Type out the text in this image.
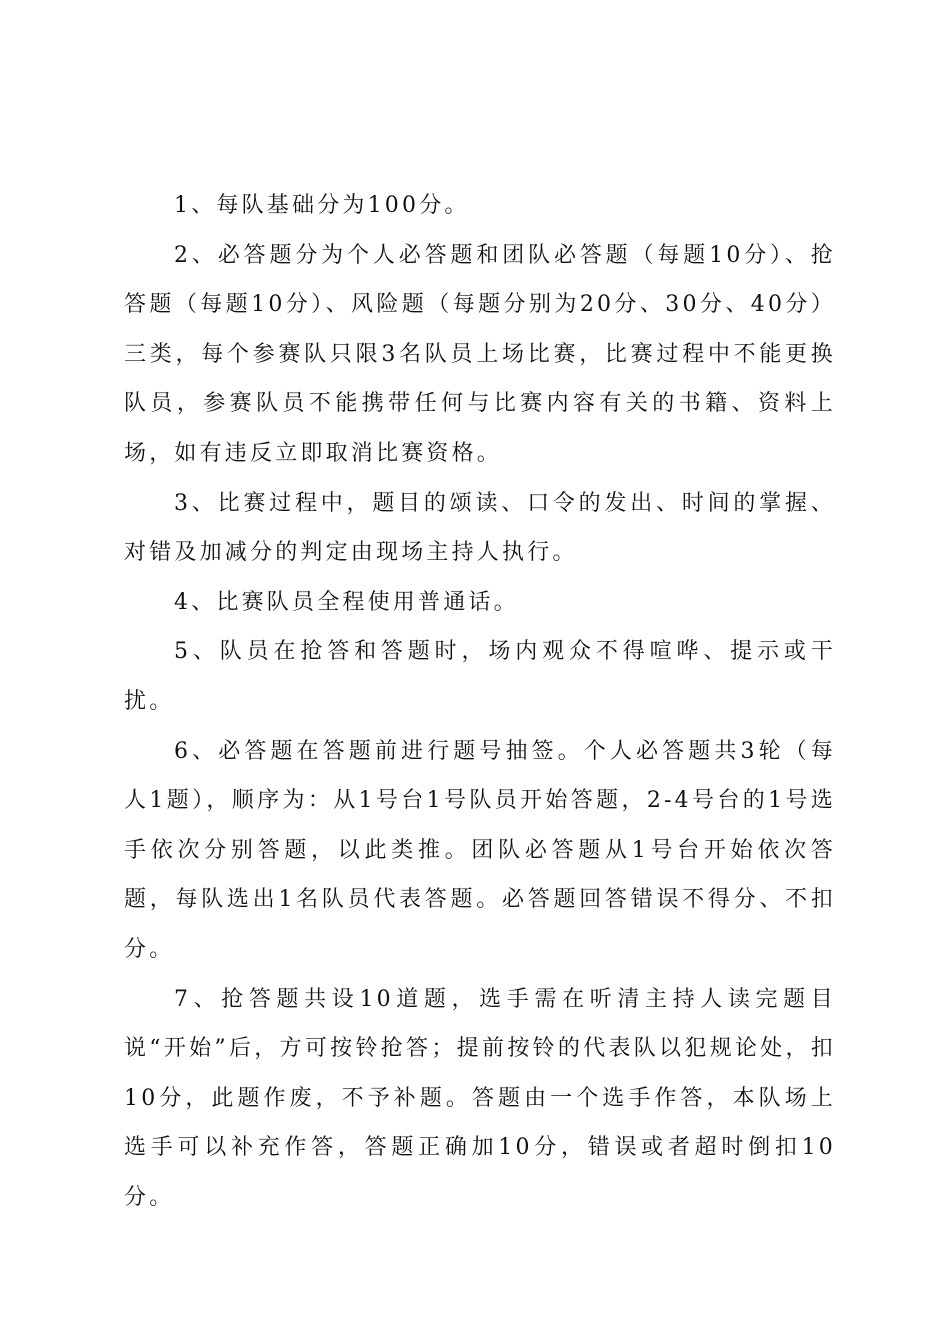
1、每队基础分为100分。

2、必答题分为个人必答题和团队必答题（每题10分）、抢答题（每题10分）、风险题（每题分别为20分、30分、40分）三类，每个参赛队只限3名队员上场比赛，比赛过程中不能更换队员，参赛队员不能携带任何与比赛内容有关的书籍、资料上场，如有违反立即取消比赛资格。

3、比赛过程中，题目的颂读、口令的发出、时间的掌握、对错及加减分的判定由现场主持人执行。

4、比赛队员全程使用普通话。

5、队员在抢答和答题时，场内观众不得喧哗、提示或干扰。

6、必答题在答题前进行题号抽签。个人必答题共3轮（每人1题），顺序为：从1号台1号队员开始答题，2-4号台的1号选手依次分别答题，以此类推。团队必答题从1号台开始依次答题，每队选出1名队员代表答题。必答题回答错误不得分、不扣分。

7、抢答题共设10道题，选手需在听清主持人读完题目说“开始”后，方可按铃抢答；提前按铃的代表队以犯规论处，扣10分，此题作废，不予补题。答题由一个选手作答，本队场上选手可以补充作答，答题正确加10分，错误或者超时倒扣10分。
